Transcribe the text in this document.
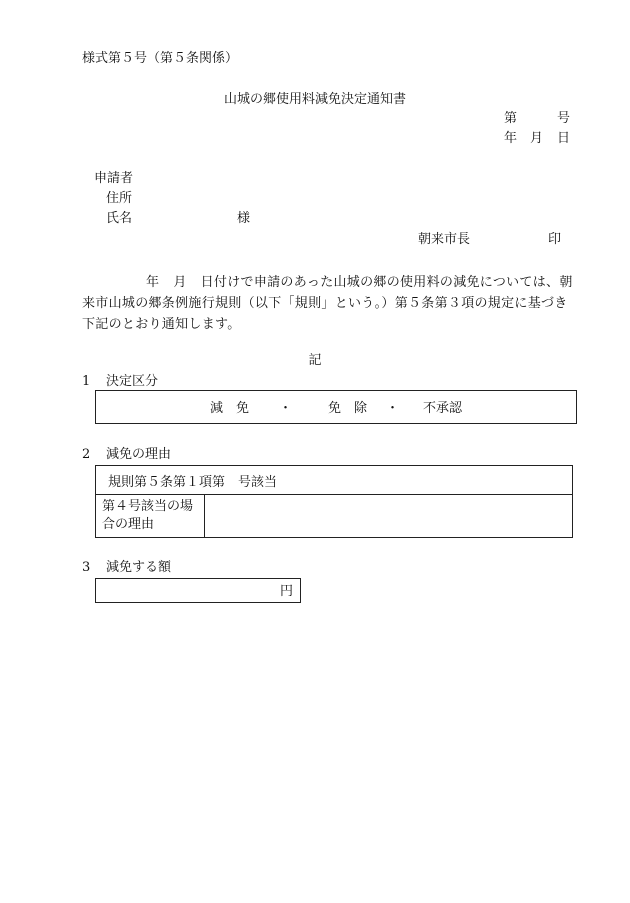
様式第５号（第５条関係）
山城の郷使用料減免決定通知書
第	号
年 月 日
申請者
住所
氏名	様
朝来市長	印
年 月 日付けで申請のあった山城の郷の使用料の減免については、朝来市山城の郷条例施行規則（以下「規則」という。）第５条第３項の規定に基づき下記のとおり通知します。
記
1 決定区分
減　免 ・	免　除 ・ 不承認
2 減免の理由
規則第５条第１項第　号該当
第４号該当の場合の理由	
3 減免する額
円
